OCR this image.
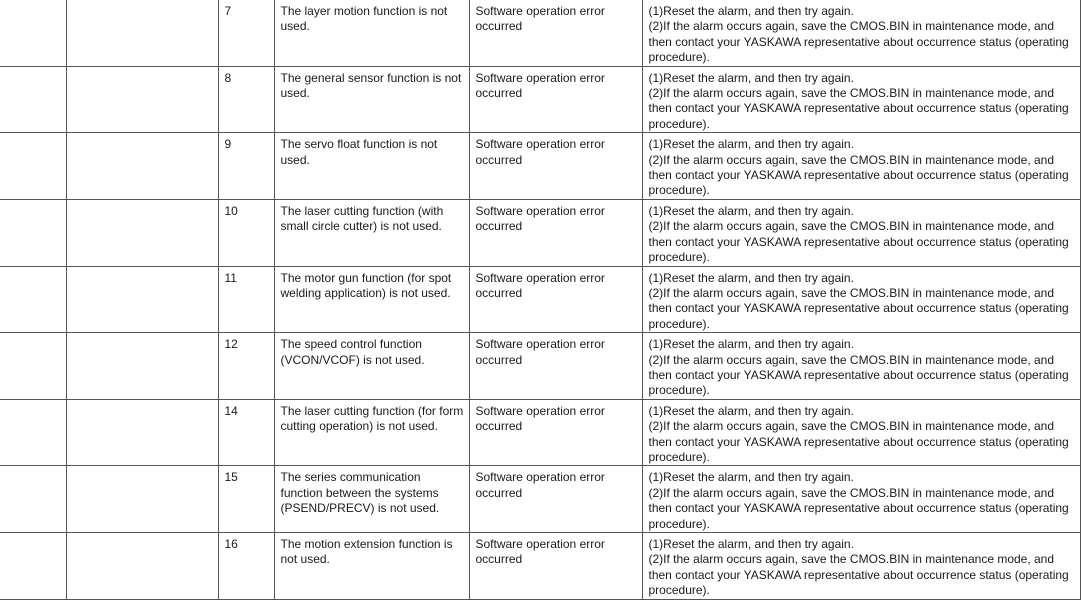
		7	The layer motion function is not used.	Software operation error occurred	(1)Reset the alarm, and then try again.
(2)If the alarm occurs again, save the CMOS.BIN in maintenance mode, and then contact your YASKAWA representative about occurrence status (operating procedure).

		8	The general sensor function is not used.	Software operation error occurred	(1)Reset the alarm, and then try again.
(2)If the alarm occurs again, save the CMOS.BIN in maintenance mode, and then contact your YASKAWA representative about occurrence status (operating procedure).

		9	The servo float function is not used.	Software operation error occurred	(1)Reset the alarm, and then try again.
(2)If the alarm occurs again, save the CMOS.BIN in maintenance mode, and then contact your YASKAWA representative about occurrence status (operating procedure).

		10	The laser cutting function (with small circle cutter) is not used.	Software operation error occurred	(1)Reset the alarm, and then try again.
(2)If the alarm occurs again, save the CMOS.BIN in maintenance mode, and then contact your YASKAWA representative about occurrence status (operating procedure).

		11	The motor gun function (for spot welding application) is not used.	Software operation error occurred	(1)Reset the alarm, and then try again.
(2)If the alarm occurs again, save the CMOS.BIN in maintenance mode, and then contact your YASKAWA representative about occurrence status (operating procedure).

		12	The speed control function (VCON/VCOF) is not used.	Software operation error occurred	(1)Reset the alarm, and then try again.
(2)If the alarm occurs again, save the CMOS.BIN in maintenance mode, and then contact your YASKAWA representative about occurrence status (operating procedure).

		14	The laser cutting function (for form cutting operation) is not used.	Software operation error occurred	(1)Reset the alarm, and then try again.
(2)If the alarm occurs again, save the CMOS.BIN in maintenance mode, and then contact your YASKAWA representative about occurrence status (operating procedure).

		15	The series communication function between the systems (PSEND/PRECV) is not used.	Software operation error occurred	(1)Reset the alarm, and then try again.
(2)If the alarm occurs again, save the CMOS.BIN in maintenance mode, and then contact your YASKAWA representative about occurrence status (operating procedure).

		16	The motion extension function is not used.	Software operation error occurred	(1)Reset the alarm, and then try again.
(2)If the alarm occurs again, save the CMOS.BIN in maintenance mode, and then contact your YASKAWA representative about occurrence status (operating procedure).
